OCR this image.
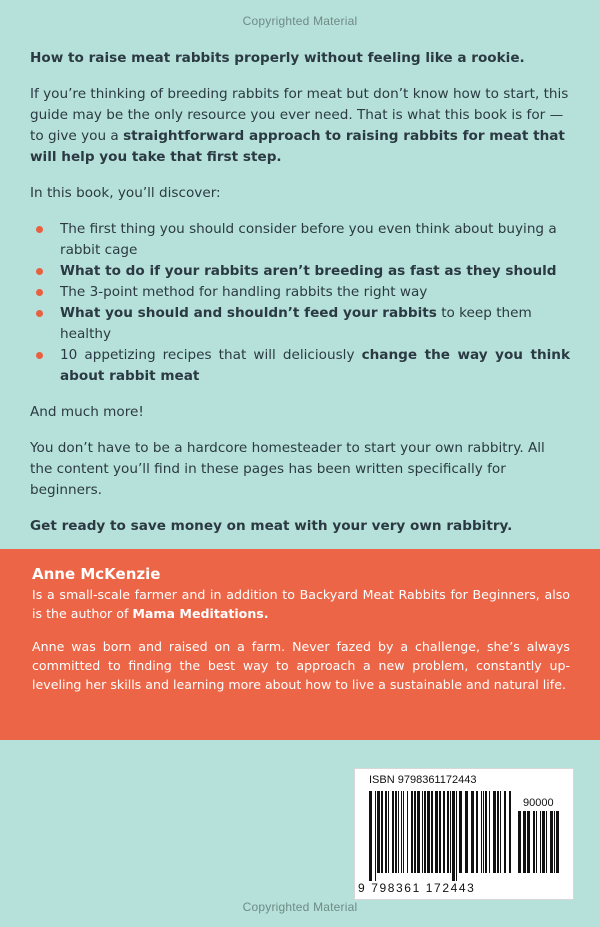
Copyrighted Material

How to raise meat rabbits properly without feeling like a rookie.

If you’re thinking of breeding rabbits for meat but don’t know how to start, this guide may be the only resource you ever need. That is what this book is for — to give you a straightforward approach to raising rabbits for meat that will help you take that first step.

In this book, you’ll discover:

The first thing you should consider before you even think about buying a rabbit cage
What to do if your rabbits aren’t breeding as fast as they should
The 3-point method for handling rabbits the right way
What you should and shouldn’t feed your rabbits to keep them healthy
10 appetizing recipes that will deliciously change the way you think about rabbit meat

And much more!

You don’t have to be a hardcore homesteader to start your own rabbitry. All the content you’ll find in these pages has been written specifically for beginners.

Get ready to save money on meat with your very own rabbitry.

Anne McKenzie

Is a small-scale farmer and in addition to Backyard Meat Rabbits for Beginners, also is the author of Mama Meditations.

Anne was born and raised on a farm. Never fazed by a challenge, she’s always committed to finding the best way to approach a new problem, constantly up-leveling her skills and learning more about how to live a sustainable and natural life.

ISBN 9798361172443
90000
9 798361 172443
Copyrighted Material
